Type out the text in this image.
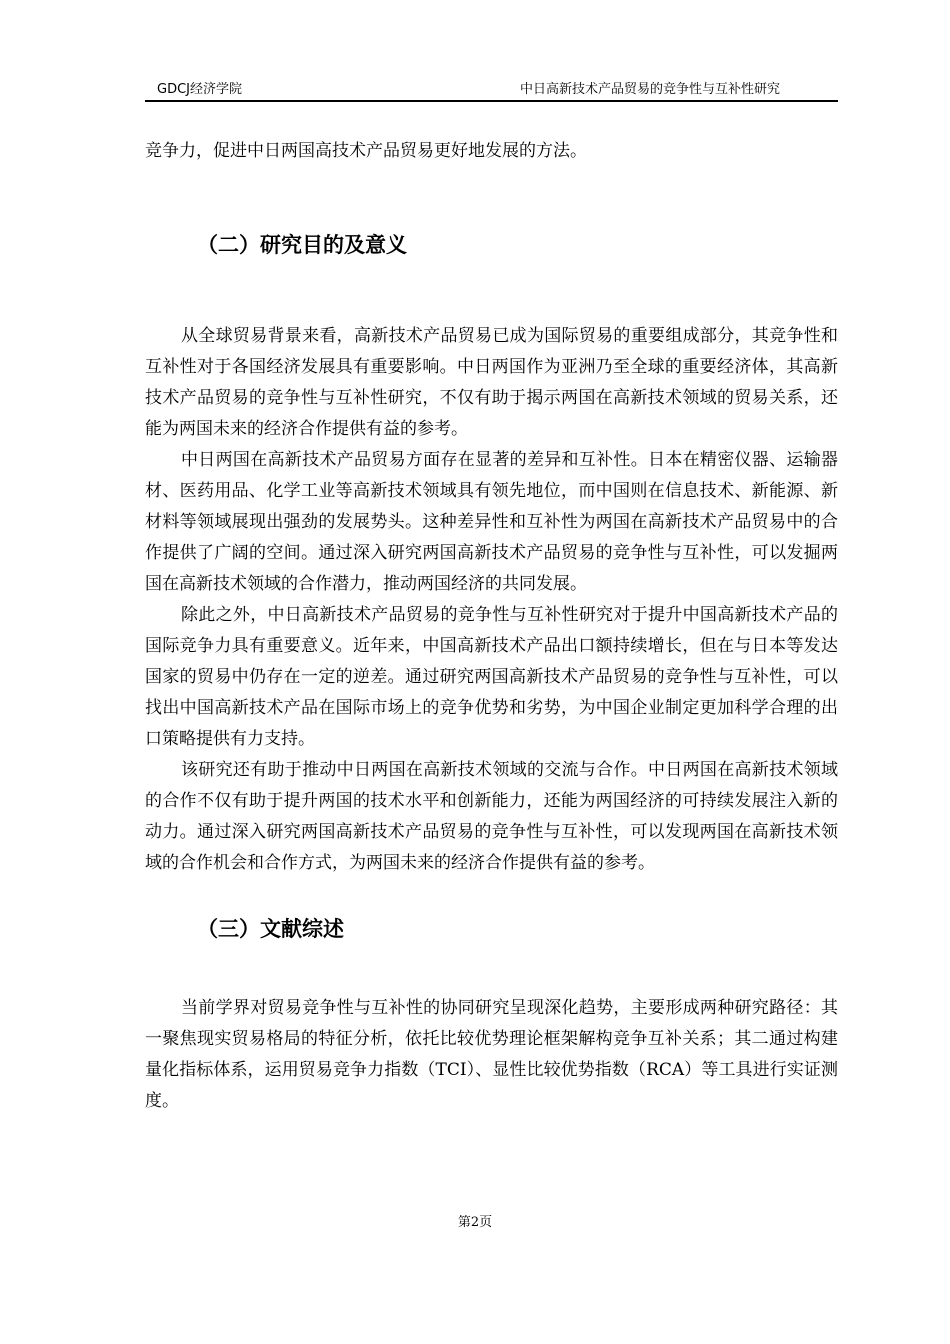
GDCJ经济学院	中日高新技术产品贸易的竞争性与互补性研究

竞争力，促进中日两国高技术产品贸易更好地发展的方法。

（二）研究目的及意义

从全球贸易背景来看，高新技术产品贸易已成为国际贸易的重要组成部分，其竞争性和互补性对于各国经济发展具有重要影响。中日两国作为亚洲乃至全球的重要经济体，其高新技术产品贸易的竞争性与互补性研究，不仅有助于揭示两国在高新技术领域的贸易关系，还能为两国未来的经济合作提供有益的参考。

中日两国在高新技术产品贸易方面存在显著的差异和互补性。日本在精密仪器、运输器材、医药用品、化学工业等高新技术领域具有领先地位，而中国则在信息技术、新能源、新材料等领域展现出强劲的发展势头。这种差异性和互补性为两国在高新技术产品贸易中的合作提供了广阔的空间。通过深入研究两国高新技术产品贸易的竞争性与互补性，可以发掘两国在高新技术领域的合作潜力，推动两国经济的共同发展。

除此之外，中日高新技术产品贸易的竞争性与互补性研究对于提升中国高新技术产品的国际竞争力具有重要意义。近年来，中国高新技术产品出口额持续增长，但在与日本等发达国家的贸易中仍存在一定的逆差。通过研究两国高新技术产品贸易的竞争性与互补性，可以找出中国高新技术产品在国际市场上的竞争优势和劣势，为中国企业制定更加科学合理的出口策略提供有力支持。

该研究还有助于推动中日两国在高新技术领域的交流与合作。中日两国在高新技术领域的合作不仅有助于提升两国的技术水平和创新能力，还能为两国经济的可持续发展注入新的动力。通过深入研究两国高新技术产品贸易的竞争性与互补性，可以发现两国在高新技术领域的合作机会和合作方式，为两国未来的经济合作提供有益的参考。

（三）文献综述

当前学界对贸易竞争性与互补性的协同研究呈现深化趋势，主要形成两种研究路径：其一聚焦现实贸易格局的特征分析，依托比较优势理论框架解构竞争互补关系；其二通过构建量化指标体系，运用贸易竞争力指数（TCI）、显性比较优势指数（RCA）等工具进行实证测度。

第2页
